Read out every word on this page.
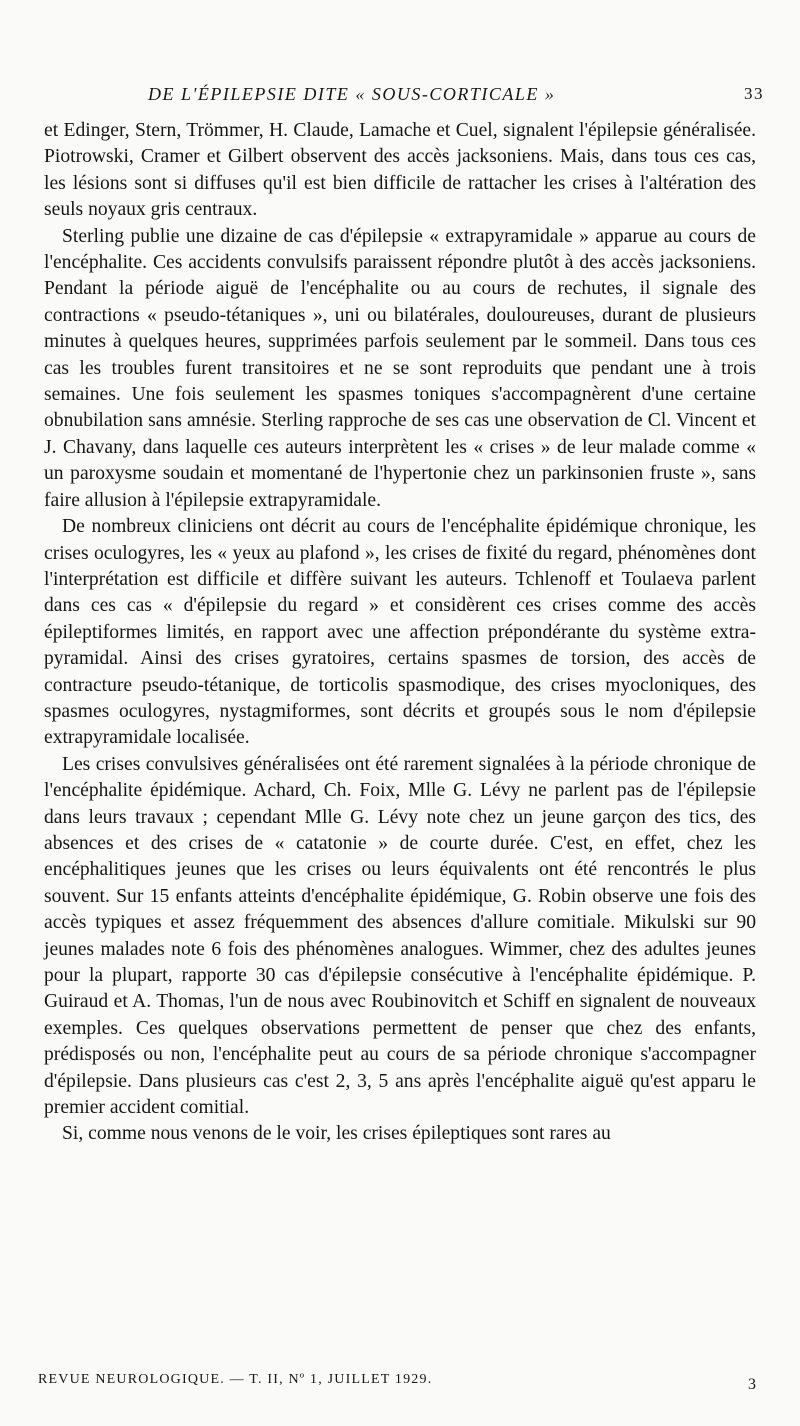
DE L'ÉPILEPSIE DITE « SOUS-CORTICALE »	33

et Edinger, Stern, Trömmer, H. Claude, Lamache et Cuel, signalent l'épilepsie généralisée. Piotrowski, Cramer et Gilbert observent des accès jacksoniens. Mais, dans tous ces cas, les lésions sont si diffuses qu'il est bien difficile de rattacher les crises à l'altération des seuls noyaux gris centraux.

Sterling publie une dizaine de cas d'épilepsie « extrapyramidale » apparue au cours de l'encéphalite. Ces accidents convulsifs paraissent répondre plutôt à des accès jacksoniens. Pendant la période aiguë de l'encéphalite ou au cours de rechutes, il signale des contractions « pseudo-tétaniques », uni ou bilatérales, douloureuses, durant de plusieurs minutes à quelques heures, supprimées parfois seulement par le sommeil. Dans tous ces cas les troubles furent transitoires et ne se sont reproduits que pendant une à trois semaines. Une fois seulement les spasmes toniques s'accompagnèrent d'une certaine obnubilation sans amnésie. Sterling rapproche de ses cas une observation de Cl. Vincent et J. Chavany, dans laquelle ces auteurs interprètent les « crises » de leur malade comme « un paroxysme soudain et momentané de l'hypertonie chez un parkinsonien fruste », sans faire allusion à l'épilepsie extrapyramidale.

De nombreux cliniciens ont décrit au cours de l'encéphalite épidémique chronique, les crises oculogyres, les « yeux au plafond », les crises de fixité du regard, phénomènes dont l'interprétation est difficile et diffère suivant les auteurs. Tchlenoff et Toulaeva parlent dans ces cas « d'épilepsie du regard » et considèrent ces crises comme des accès épileptiformes limités, en rapport avec une affection prépondérante du système extra-pyramidal. Ainsi des crises gyratoires, certains spasmes de torsion, des accès de contracture pseudo-tétanique, de torticolis spasmodique, des crises myocloniques, des spasmes oculogyres, nystagmiformes, sont décrits et groupés sous le nom d'épilepsie extrapyramidale localisée.

Les crises convulsives généralisées ont été rarement signalées à la période chronique de l'encéphalite épidémique. Achard, Ch. Foix, Mlle G. Lévy ne parlent pas de l'épilepsie dans leurs travaux ; cependant Mlle G. Lévy note chez un jeune garçon des tics, des absences et des crises de « catatonie » de courte durée. C'est, en effet, chez les encéphalitiques jeunes que les crises ou leurs équivalents ont été rencontrés le plus souvent. Sur 15 enfants atteints d'encéphalite épidémique, G. Robin observe une fois des accès typiques et assez fréquemment des absences d'allure comitiale. Mikulski sur 90 jeunes malades note 6 fois des phénomènes analogues. Wimmer, chez des adultes jeunes pour la plupart, rapporte 30 cas d'épilepsie consécutive à l'encéphalite épidémique. P. Guiraud et A. Thomas, l'un de nous avec Roubinovitch et Schiff en signalent de nouveaux exemples. Ces quelques observations permettent de penser que chez des enfants, prédisposés ou non, l'encéphalite peut au cours de sa période chronique s'accompagner d'épilepsie. Dans plusieurs cas c'est 2, 3, 5 ans après l'encéphalite aiguë qu'est apparu le premier accident comitial.

Si, comme nous venons de le voir, les crises épileptiques sont rares au

REVUE NEUROLOGIQUE. — T. II, Nº 1, JUILLET 1929.	3
